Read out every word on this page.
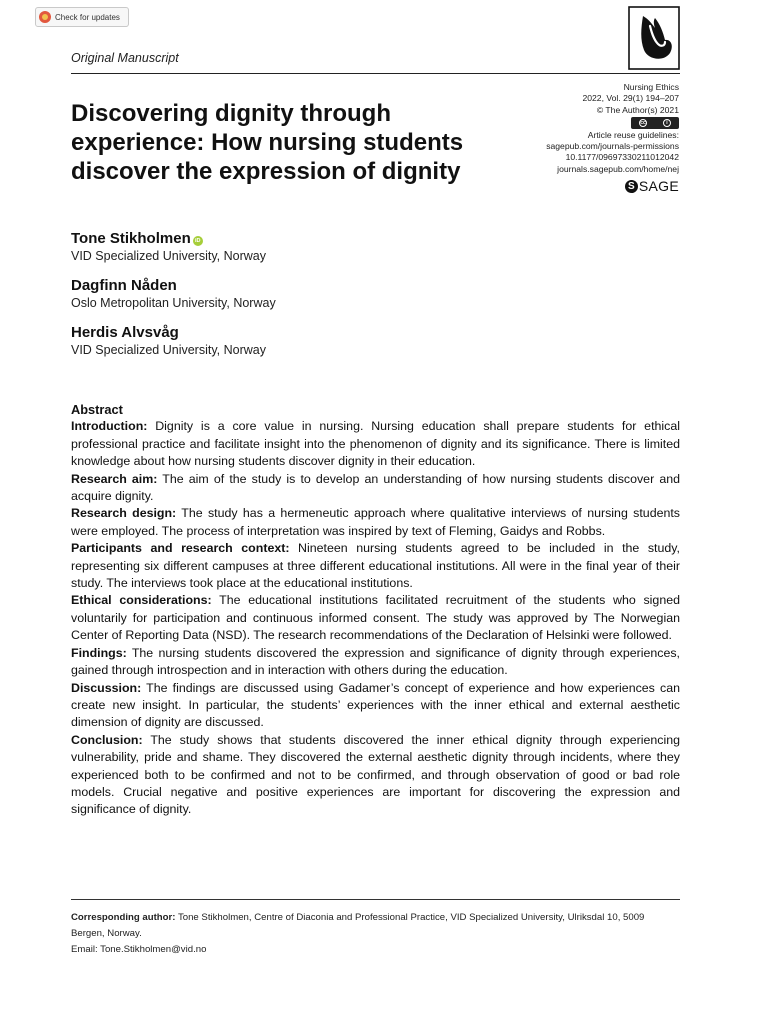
Check for updates
Original Manuscript
Discovering dignity through
experience: How nursing students
discover the expression of dignity
Nursing Ethics
2022, Vol. 29(1) 194–207
© The Author(s) 2021
cc	i
Article reuse guidelines:
sagepub.com/journals-permissions
10.1177/09697330211012042
journals.sagepub.com/home/nej
S SAGE
Tone Stikholmen iD
VID Specialized University, Norway
Dagfinn Nåden
Oslo Metropolitan University, Norway
Herdis Alvsvåg
VID Specialized University, Norway
Abstract

Introduction: Dignity is a core value in nursing. Nursing education shall prepare students for ethical professional practice and facilitate insight into the phenomenon of dignity and its significance. There is limited knowledge about how nursing students discover dignity in their education.

Research aim: The aim of the study is to develop an understanding of how nursing students discover and acquire dignity.

Research design: The study has a hermeneutic approach where qualitative interviews of nursing students were employed. The process of interpretation was inspired by text of Fleming, Gaidys and Robbs.

Participants and research context: Nineteen nursing students agreed to be included in the study, representing six different campuses at three different educational institutions. All were in the final year of their study. The interviews took place at the educational institutions.

Ethical considerations: The educational institutions facilitated recruitment of the students who signed voluntarily for participation and continuous informed consent. The study was approved by The Norwegian Center of Reporting Data (NSD). The research recommendations of the Declaration of Helsinki were followed.

Findings: The nursing students discovered the expression and significance of dignity through experiences, gained through introspection and in interaction with others during the education.

Discussion: The findings are discussed using Gadamer’s concept of experience and how experiences can create new insight. In particular, the students’ experiences with the inner ethical and external aesthetic dimension of dignity are discussed.

Conclusion: The study shows that students discovered the inner ethical dignity through experiencing vulnerability, pride and shame. They discovered the external aesthetic dignity through incidents, where they experienced both to be confirmed and not to be confirmed, and through observation of good or bad role models. Crucial negative and positive experiences are important for discovering the expression and significance of dignity.

Corresponding author: Tone Stikholmen, Centre of Diaconia and Professional Practice, VID Specialized University, Ulriksdal 10, 5009 Bergen, Norway.

Email: Tone.Stikholmen@vid.no
